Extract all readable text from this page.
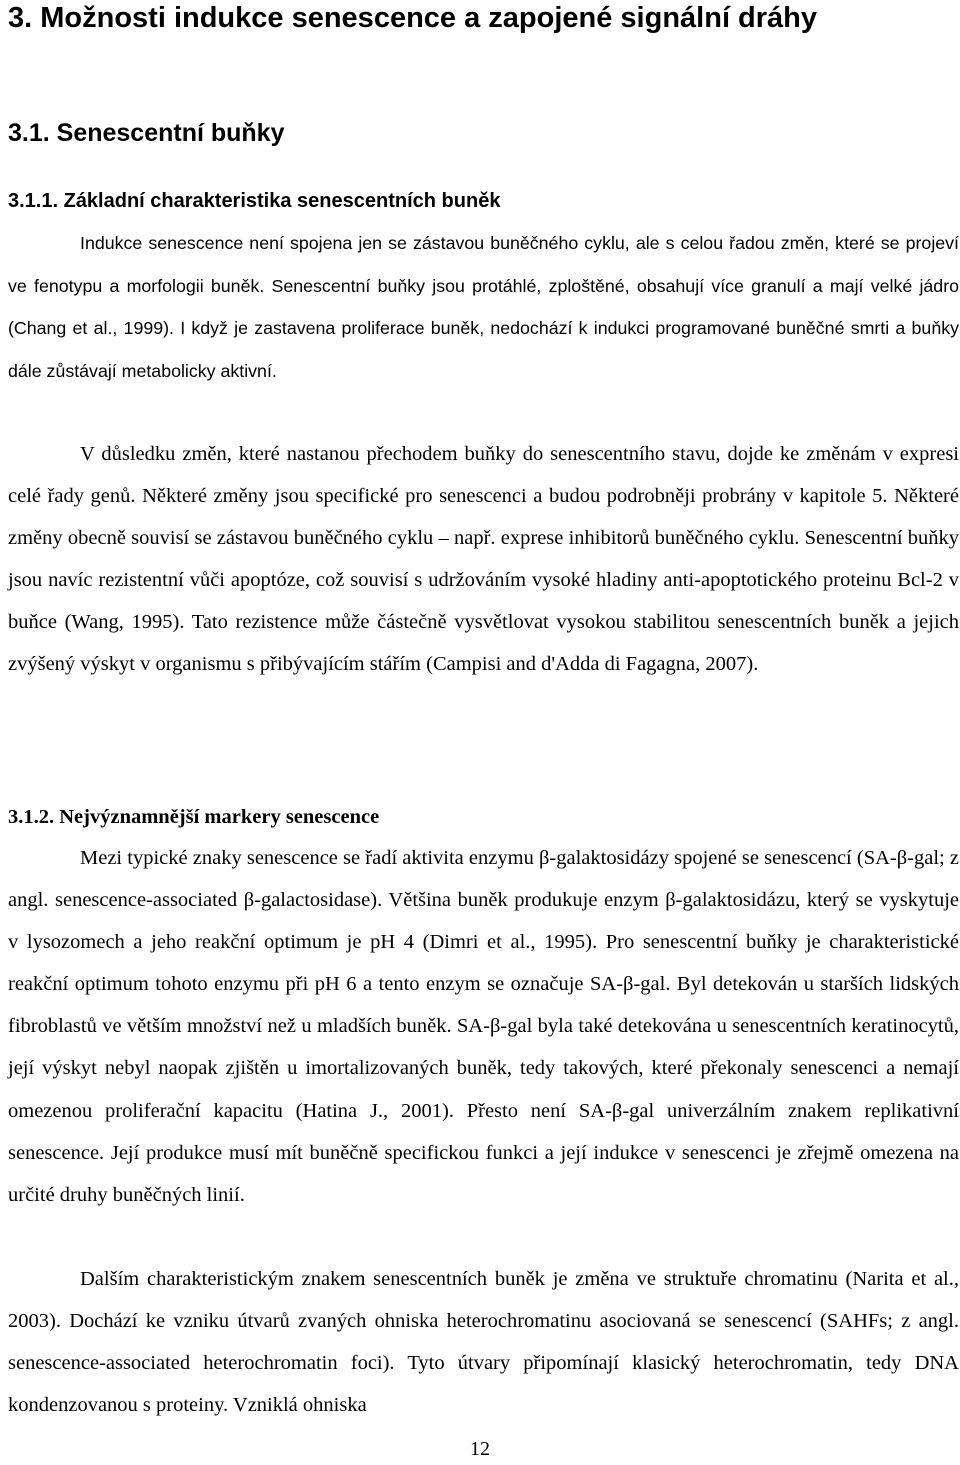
3. Možnosti indukce senescence a zapojené signální dráhy
3.1. Senescentní buňky
3.1.1. Základní charakteristika senescentních buněk

Indukce senescence není spojena jen se zástavou buněčného cyklu, ale s celou řadou změn, které se projeví ve fenotypu a morfologii buněk. Senescentní buňky jsou protáhlé, zploštěné, obsahují více granulí a mají velké jádro (Chang et al., 1999). I když je zastavena proliferace buněk, nedochází k indukci programované buněčné smrti a buňky dále zůstávají metabolicky aktivní.

V důsledku změn, které nastanou přechodem buňky do senescentního stavu, dojde ke změnám v expresi celé řady genů. Některé změny jsou specifické pro senescenci a budou podrobněji probrány v kapitole 5. Některé změny obecně souvisí se zástavou buněčného cyklu – např. exprese inhibitorů buněčného cyklu. Senescentní buňky jsou navíc rezistentní vůči apoptóze, což souvisí s udržováním vysoké hladiny anti-apoptotického proteinu Bcl-2 v buňce (Wang, 1995). Tato rezistence může částečně vysvětlovat vysokou stabilitou senescentních buněk a jejich zvýšený výskyt v organismu s přibývajícím stářím (Campisi and d'Adda di Fagagna, 2007).

3.1.2. Nejvýznamnější markery senescence

Mezi typické znaky senescence se řadí aktivita enzymu β-galaktosidázy spojené se senescencí (SA-β-gal; z angl. senescence-associated β-galactosidase). Většina buněk produkuje enzym β-galaktosidázu, který se vyskytuje v lysozomech a jeho reakční optimum je pH 4 (Dimri et al., 1995). Pro senescentní buňky je charakteristické reakční optimum tohoto enzymu při pH 6 a tento enzym se označuje SA-β-gal. Byl detekován u starších lidských fibroblastů ve větším množství než u mladších buněk. SA-β-gal byla také detekována u senescentních keratinocytů, její výskyt nebyl naopak zjištěn u imortalizovaných buněk, tedy takových, které překonaly senescenci a nemají omezenou proliferační kapacitu (Hatina J., 2001). Přesto není SA-β-gal univerzálním znakem replikativní senescence. Její produkce musí mít buněčně specifickou funkci a její indukce v senescenci je zřejmě omezena na určité druhy buněčných linií.

Dalším charakteristickým znakem senescentních buněk je změna ve struktuře chromatinu (Narita et al., 2003). Dochází ke vzniku útvarů zvaných ohniska heterochromatinu asociovaná se senescencí (SAHFs; z angl. senescence-associated heterochromatin foci). Tyto útvary připomínají klasický heterochromatin, tedy DNA kondenzovanou s proteiny. Vzniklá ohniska

12
